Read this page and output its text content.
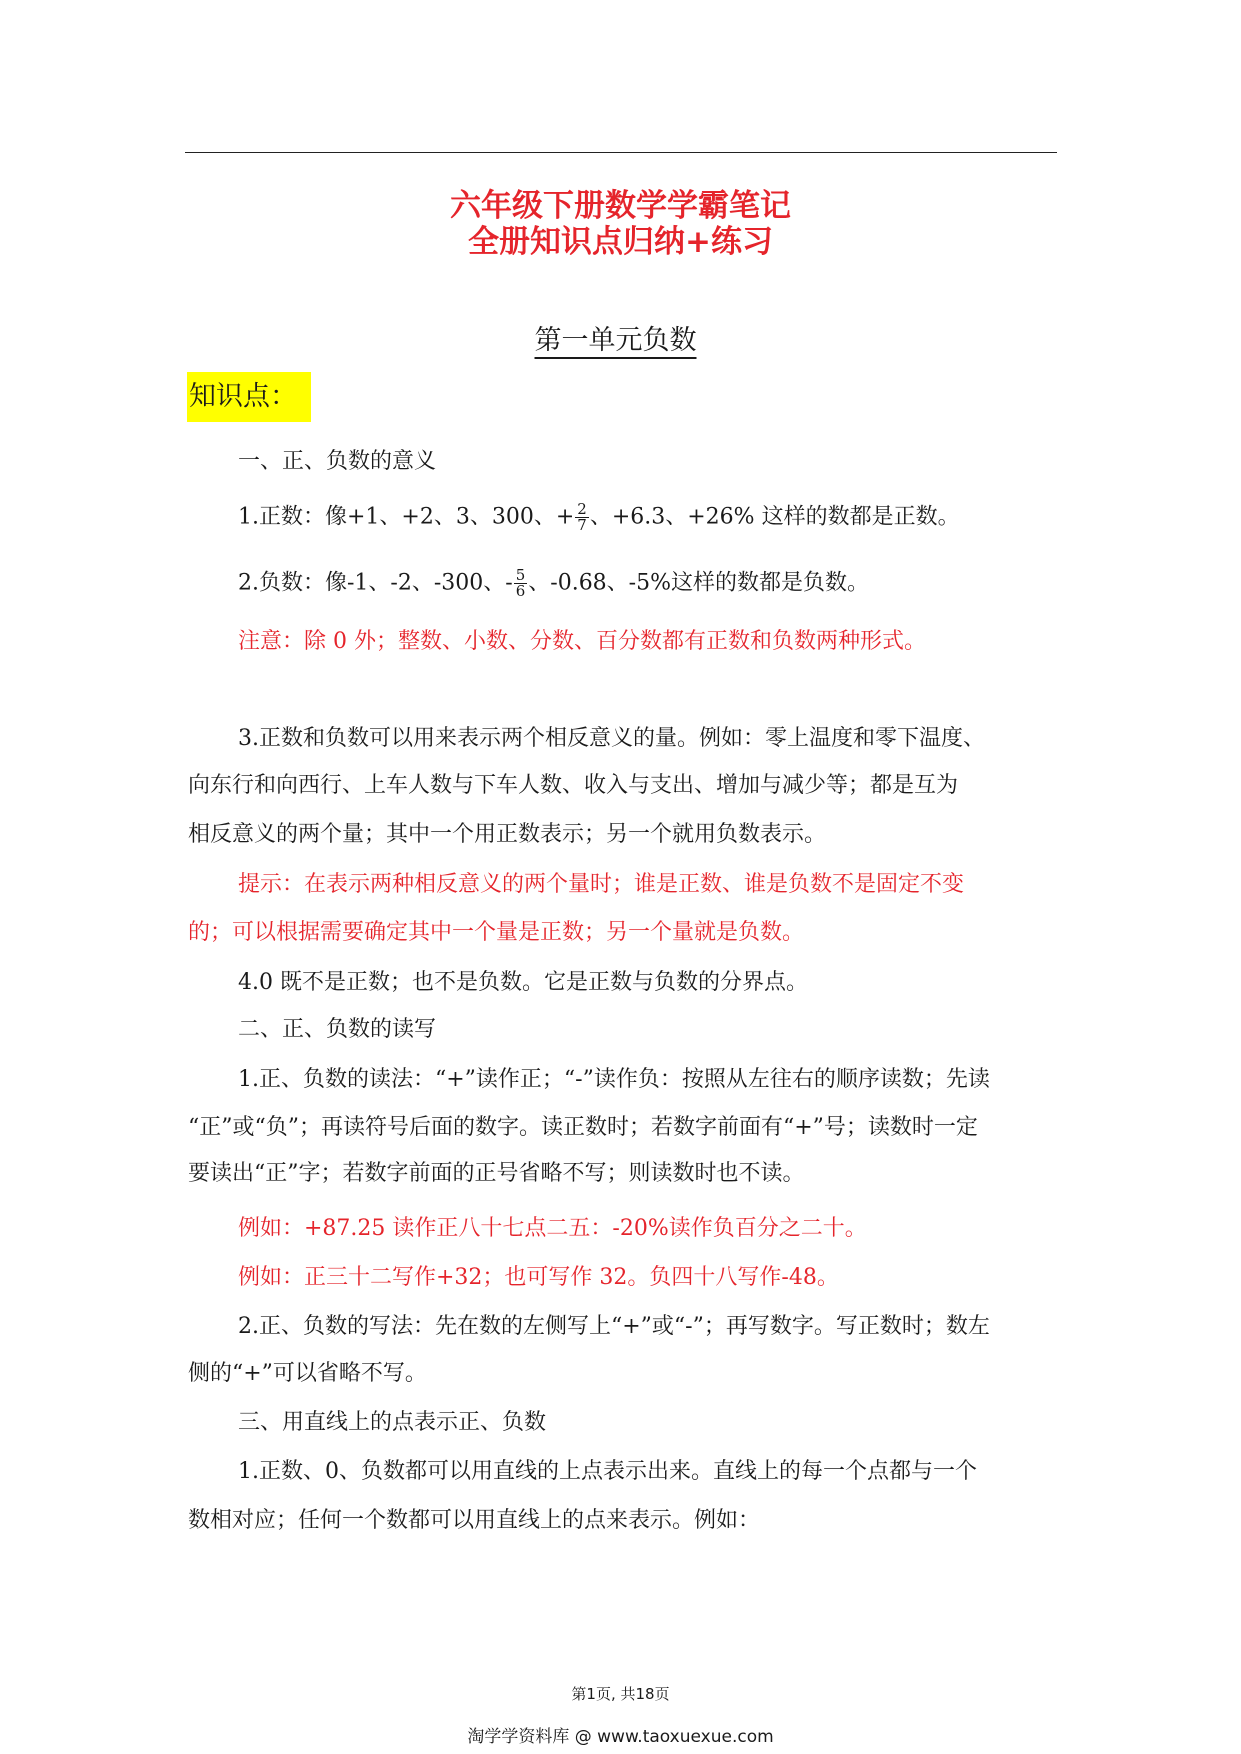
六年级下册数学学霸笔记
全册知识点归纳+练习
第一单元负数
知识点：
一、正、负数的意义
1.正数：像+1、+2、3、300、+ $\frac{2}{7}$ 、+6.3、+26% 这样的数都是正数。
2.负数：像-1、-2、-300、- $\frac{5}{6}$ 、-0.68、-5%这样的数都是负数。
注意：除 0 外；整数、小数、分数、百分数都有正数和负数两种形式。
3.正数和负数可以用来表示两个相反意义的量。例如：零上温度和零下温度、
向东行和向西行、上车人数与下车人数、收入与支出、增加与减少等；都是互为
相反意义的两个量；其中一个用正数表示；另一个就用负数表示。
提示：在表示两种相反意义的两个量时；谁是正数、谁是负数不是固定不变
的；可以根据需要确定其中一个量是正数；另一个量就是负数。
4.0 既不是正数；也不是负数。它是正数与负数的分界点。
二、正、负数的读写
1.正、负数的读法：“+”读作正；“-”读作负：按照从左往右的顺序读数；先读
“正”或“负”；再读符号后面的数字。读正数时；若数字前面有“+”号；读数时一定
要读出“正”字；若数字前面的正号省略不写；则读数时也不读。
例如：+87.25 读作正八十七点二五：-20%读作负百分之二十。
例如：正三十二写作+32；也可写作 32。负四十八写作-48。
2.正、负数的写法：先在数的左侧写上“+”或“-”；再写数字。写正数时；数左
侧的“+”可以省略不写。
三、用直线上的点表示正、负数
1.正数、0、负数都可以用直线的上点表示出来。直线上的每一个点都与一个
数相对应；任何一个数都可以用直线上的点来表示。例如：
第1页, 共18页
淘学学资料库 @ www.taoxuexue.com
